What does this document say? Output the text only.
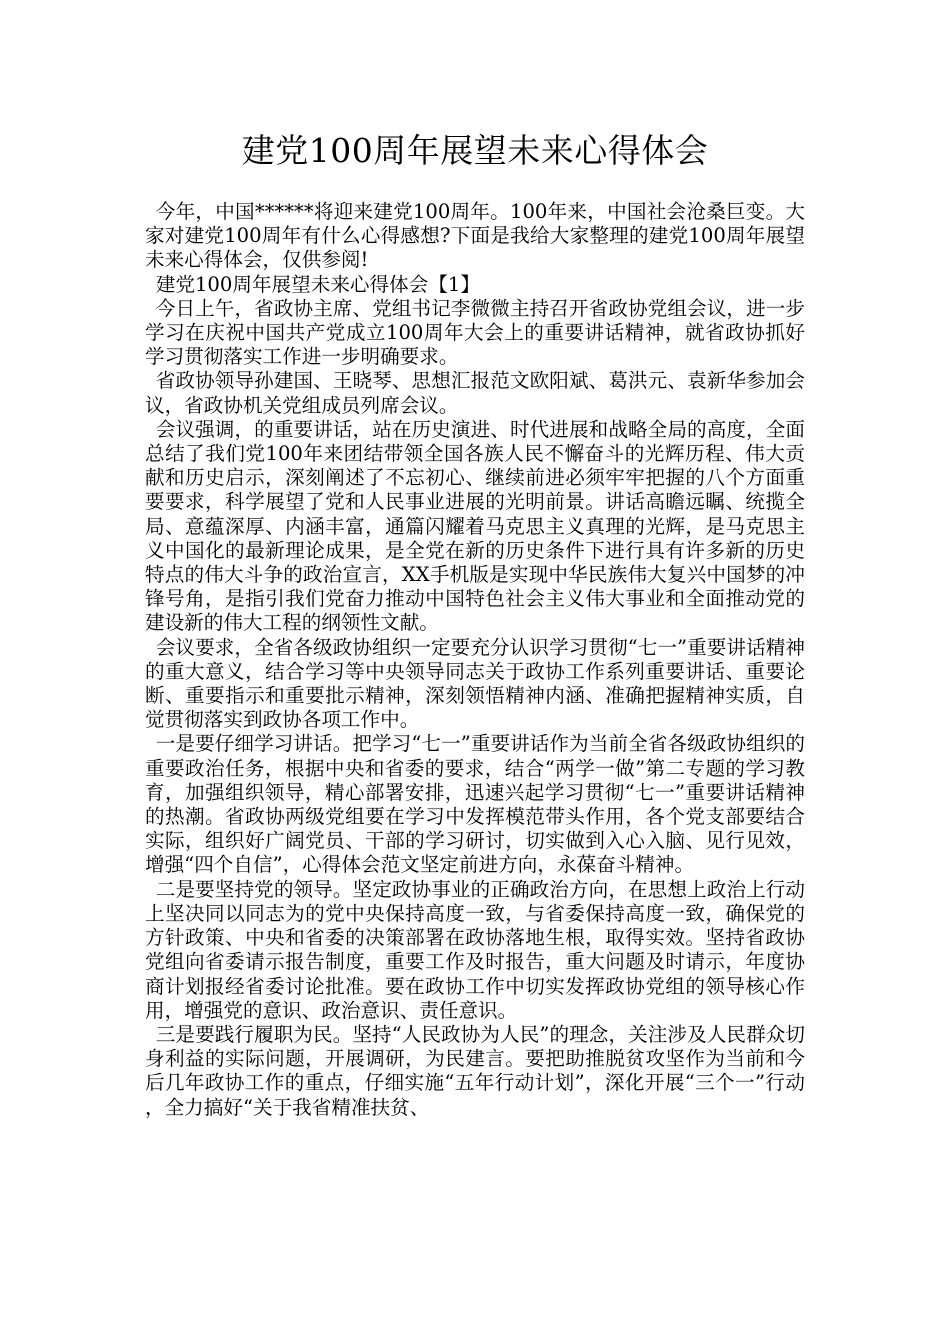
建党100周年展望未来心得体会

今年，中国******将迎来建党100周年。100年来，中国社会沧桑巨变。大家对建党100周年有什么心得感想?下面是我给大家整理的建党100周年展望未来心得体会，仅供参阅!

建党100周年展望未来心得体会【1】

今日上午，省政协主席、党组书记李微微主持召开省政协党组会议，进一步学习在庆祝中国共产党成立100周年大会上的重要讲话精神，就省政协抓好学习贯彻落实工作进一步明确要求。

省政协领导孙建国、王晓琴、思想汇报范文欧阳斌、葛洪元、袁新华参加会议，省政协机关党组成员列席会议。

会议强调，的重要讲话，站在历史演进、时代进展和战略全局的高度，全面总结了我们党100年来团结带领全国各族人民不懈奋斗的光辉历程、伟大贡献和历史启示，深刻阐述了不忘初心、继续前进必须牢牢把握的八个方面重要要求，科学展望了党和人民事业进展的光明前景。讲话高瞻远瞩、统揽全局、意蕴深厚、内涵丰富，通篇闪耀着马克思主义真理的光辉，是马克思主义中国化的最新理论成果，是全党在新的历史条件下进行具有许多新的历史特点的伟大斗争的政治宣言，XX手机版是实现中华民族伟大复兴中国梦的冲锋号角，是指引我们党奋力推动中国特色社会主义伟大事业和全面推动党的建设新的伟大工程的纲领性文献。

会议要求，全省各级政协组织一定要充分认识学习贯彻“七一”重要讲话精神的重大意义，结合学习等中央领导同志关于政协工作系列重要讲话、重要论断、重要指示和重要批示精神，深刻领悟精神内涵、准确把握精神实质，自觉贯彻落实到政协各项工作中。

一是要仔细学习讲话。把学习“七一”重要讲话作为当前全省各级政协组织的重要政治任务，根据中央和省委的要求，结合“两学一做”第二专题的学习教育，加强组织领导，精心部署安排，迅速兴起学习贯彻“七一”重要讲话精神的热潮。省政协两级党组要在学习中发挥模范带头作用，各个党支部要结合实际，组织好广阔党员、干部的学习研讨，切实做到入心入脑、见行见效，增强“四个自信”，心得体会范文坚定前进方向，永葆奋斗精神。

二是要坚持党的领导。坚定政协事业的正确政治方向，在思想上政治上行动上坚决同以同志为的党中央保持高度一致，与省委保持高度一致，确保党的方针政策、中央和省委的决策部署在政协落地生根，取得实效。坚持省政协党组向省委请示报告制度，重要工作及时报告，重大问题及时请示，年度协商计划报经省委讨论批准。要在政协工作中切实发挥政协党组的领导核心作用，增强党的意识、政治意识、责任意识。

三是要践行履职为民。坚持“人民政协为人民”的理念，关注涉及人民群众切身利益的实际问题，开展调研，为民建言。要把助推脱贫攻坚作为当前和今后几年政协工作的重点，仔细实施“五年行动计划”，深化开展“三个一”行动，全力搞好“关于我省精准扶贫、
